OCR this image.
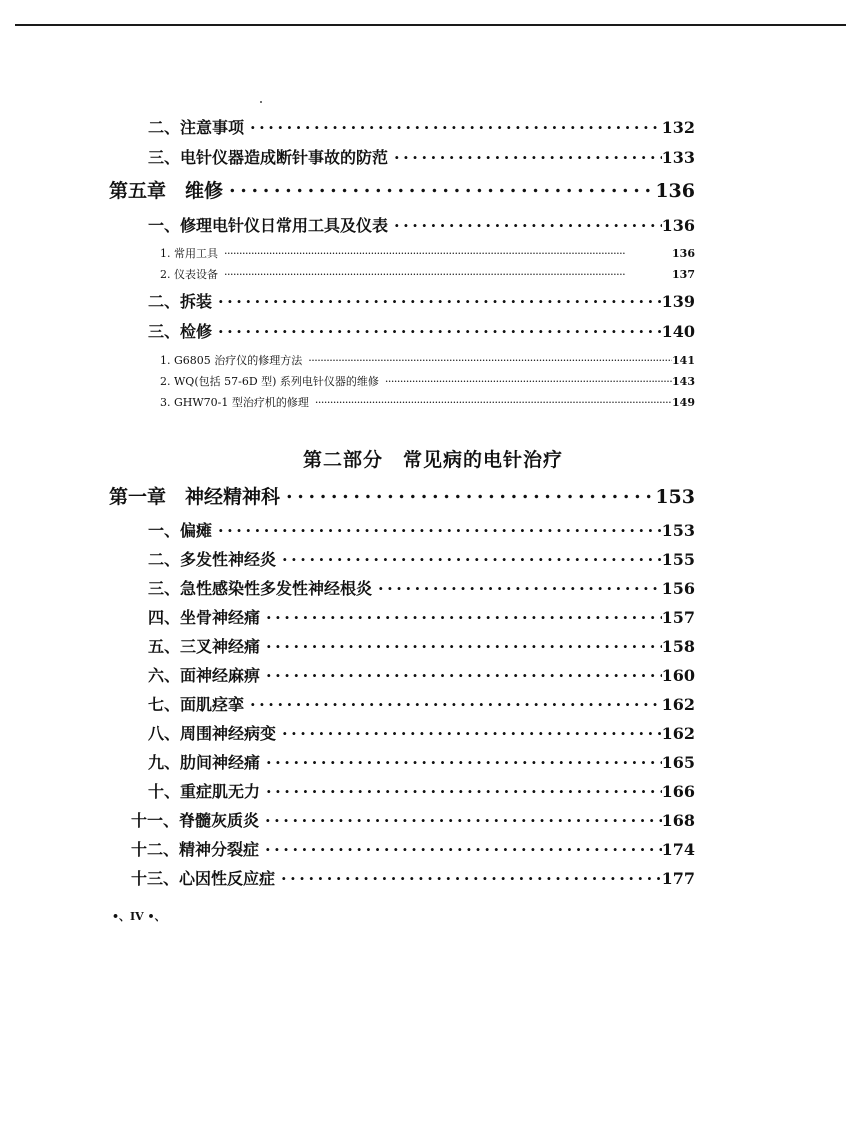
二、注意事项 . . .	132
三、电针仪器造成断针事故的防范 . . .	133
第五章　维修 . . .	136
一、修理电针仪日常用工具及仪表 . . .	136
1. 常用工具 . . .	136
2. 仪表设备 . . .	137
二、拆装 . . .	139
三、检修 . . .	140
1. G6805 治疗仪的修理方法 . . .	141
2. WQ(包括 57-6D 型) 系列电针仪器的维修 . . .	143
3. GHW70-1 型治疗机的修理 . . .	149
第二部分　常见病的电针治疗
第一章　神经精神科 . . .	153
一、偏瘫 . . .	153
二、多发性神经炎 . . .	155
三、急性感染性多发性神经根炎 . . .	156
四、坐骨神经痛 . . .	157
五、三叉神经痛 . . .	158
六、面神经麻痹 . . .	160
七、面肌痉挛 . . .	162
八、周围神经病变 . . .	162
九、肋间神经痛 . . .	165
十、重症肌无力 . . .	166
十一、脊髓灰质炎 . . .	168
十二、精神分裂症 . . .	174
十三、心因性反应症 . . .	177
•、IV •、
